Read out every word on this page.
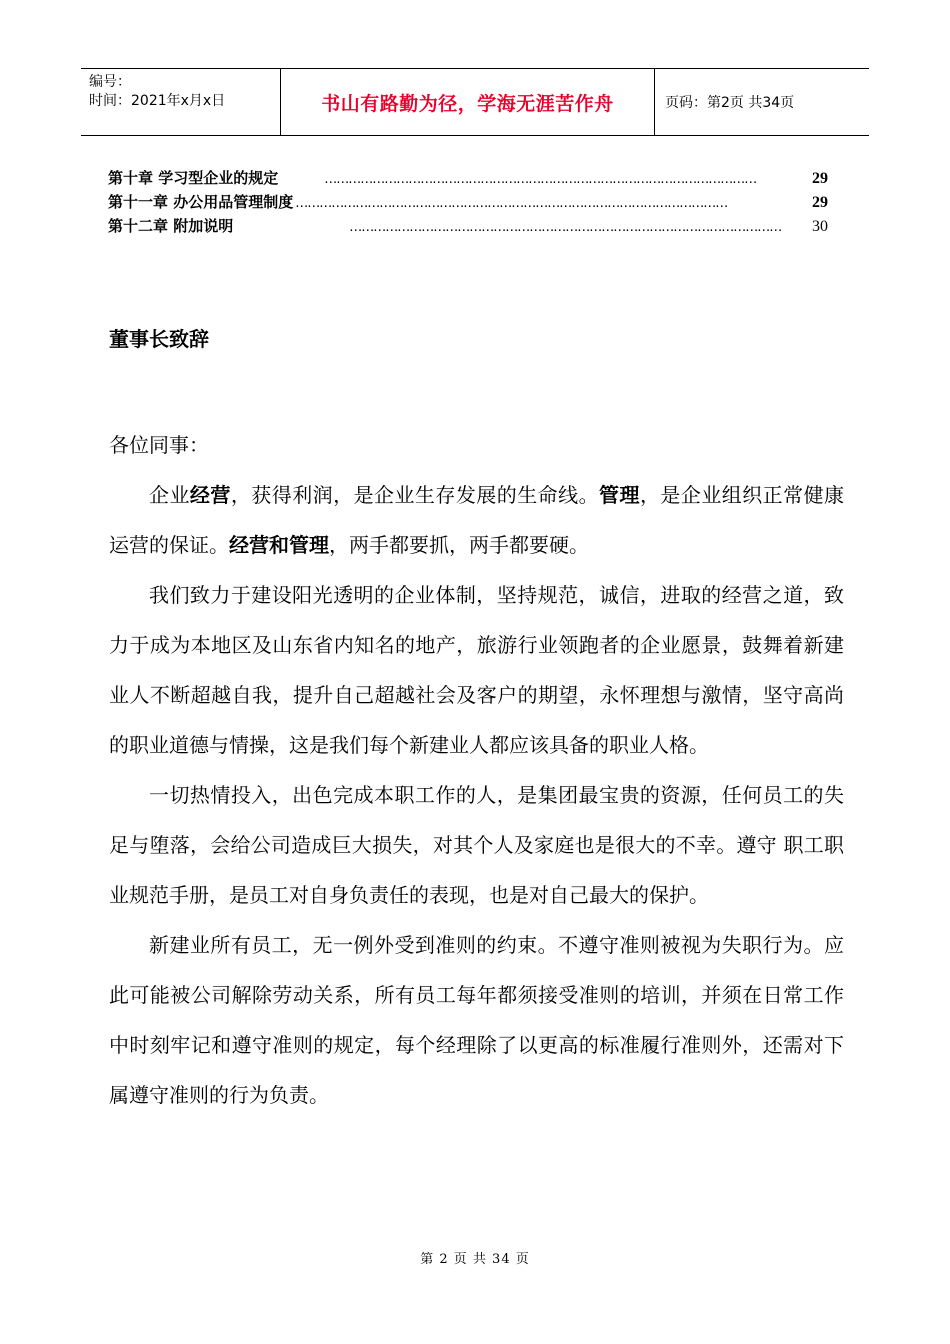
编号：
时间：2021年x月x日	书山有路勤为径，学海无涯苦作舟	页码：第2页 共34页
第十章 学习型企业的规定	………………………………………………………………………………………………	29
第十一章 办公用品管理制度 ………………………………………………………………………………………………	29
第十二章 附加说明	………………………………………………………………………………………………	30
董事长致辞

各位同事：

企业经营，获得利润，是企业生存发展的生命线。管理，是企业组织正常健康运营的保证。经营和管理，两手都要抓，两手都要硬。

我们致力于建设阳光透明的企业体制，坚持规范，诚信，进取的经营之道，致力于成为本地区及山东省内知名的地产，旅游行业领跑者的企业愿景，鼓舞着新建业人不断超越自我，提升自己超越社会及客户的期望，永怀理想与激情，坚守高尚的职业道德与情操，这是我们每个新建业人都应该具备的职业人格。

一切热情投入，出色完成本职工作的人，是集团最宝贵的资源，任何员工的失足与堕落，会给公司造成巨大损失，对其个人及家庭也是很大的不幸。遵守 职工职业规范手册，是员工对自身负责任的表现，也是对自己最大的保护。

新建业所有员工，无一例外受到准则的约束。不遵守准则被视为失职行为。应此可能被公司解除劳动关系，所有员工每年都须接受准则的培训，并须在日常工作中时刻牢记和遵守准则的规定，每个经理除了以更高的标准履行准则外，还需对下属遵守准则的行为负责。

第 2 页 共 34 页
